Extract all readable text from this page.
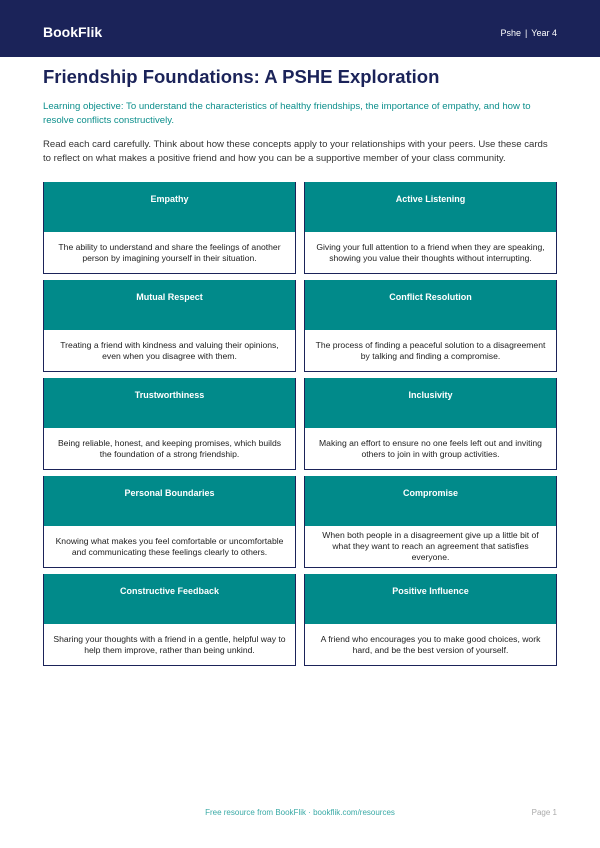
BookFlik	Pshe | Year 4
Friendship Foundations: A PSHE Exploration

Learning objective: To understand the characteristics of healthy friendships, the importance of empathy, and how to resolve conflicts constructively.

Read each card carefully. Think about how these concepts apply to your relationships with your peers. Use these cards to reflect on what makes a positive friend and how you can be a supportive member of your class community.

Empathy
The ability to understand and share the feelings of another person by imagining yourself in their situation.
Active Listening
Giving your full attention to a friend when they are speaking, showing you value their thoughts without interrupting.
Mutual Respect
Treating a friend with kindness and valuing their opinions, even when you disagree with them.
Conflict Resolution
The process of finding a peaceful solution to a disagreement by talking and finding a compromise.
Trustworthiness
Being reliable, honest, and keeping promises, which builds the foundation of a strong friendship.
Inclusivity
Making an effort to ensure no one feels left out and inviting others to join in with group activities.
Personal Boundaries
Knowing what makes you feel comfortable or uncomfortable and communicating these feelings clearly to others.
Compromise
When both people in a disagreement give up a little bit of what they want to reach an agreement that satisfies everyone.
Constructive Feedback
Sharing your thoughts with a friend in a gentle, helpful way to help them improve, rather than being unkind.
Positive Influence
A friend who encourages you to make good choices, work hard, and be the best version of yourself.
Free resource from BookFlik · bookflik.com/resources	Page 1
